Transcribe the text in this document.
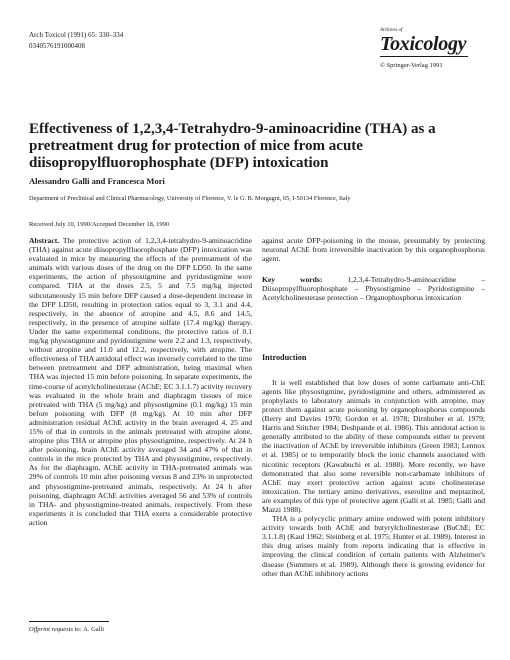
Arch Toxicol (1991) 65: 330–334
0340576191000408
Archives of
Toxicology
© Springer-Verlag 1991
Effectiveness of 1,2,3,4-Tetrahydro-9-aminoacridine (THA) as a pretreatment drug for protection of mice from acute diisopropylfluorophosphate (DFP) intoxication
Alessandro Galli and Francesca Mori
Department of Preclinical and Clinical Pharmacology, University of Florence, V. le G. B. Morgagni, 65, I-50134 Florence, Italy
Received July 10, 1990/Accepted December 18, 1990

Abstract. The protective action of 1,2,3,4-tetrahydro-9-aminoacridine (THA) against acute diisopropylfluorophosphate (DFP) intoxication was evaluated in mice by measuring the effects of the pretreatment of the animals with various doses of the drug on the DFP LD50. In the same experiments, the action of physostigmine and pyridostigmine were compared. THA at the doses 2.5, 5 and 7.5 mg/kg injected subcutaneously 15 min before DFP caused a dose-dependent increase in the DFP LD50, resulting in protection ratios equal to 3, 3.1 and 4.4, respectively, in the absence of atropine and 4.5, 8.6 and 14.5, respectively, in the presence of atropine sulfate (17.4 mg/kg) therapy. Under the same experimental conditions, the protective ratios of 0.1 mg/kg physostigmine and pyridostigmine were 2.2 and 1.3, respectively, without atropine and 11.0 and 12.2, respectively, with atropine. The effectiveness of THA antidotal effect was inversely correlated to the time between pretreatment and DFP administration, being maximal when THA was injected 15 min before poisoning. In separate experiments, the time-course of acetylcholinesterase (AChE; EC 3.1.1.7) activity recovery was evaluated in the whole brain and diaphragm tissues of mice pretreated with THA (5 mg/kg) and physostigmine (0.1 mg/kg) 15 min before poisoning with DFP (8 mg/kg). At 10 min after DFP administration residual AChE activity in the brain averaged 4, 25 and 15% of that in controls in the animals pretreated with atropine alone, atropine plus THA or atropine plus physostigmine, respectively. At 24 h after poisoning, brain AChE activity averaged 34 and 47% of that in controls in the mice protected by THA and physostigmine, respectively. As for the diaphragm, AChE activity in THA-pretreated animals was 29% of controls 10 min after poisoning versus 8 and 23% in unprotected and physostigmine-pretreated animals, respectively. At 24 h after poisoning, diaphragm AChE activities averaged 56 and 53% of controls in THA- and physostigmine-treated animals, respectively. From these experiments it is concluded that THA exerts a considerable protective action

against acute DFP-poisoning in the mouse, presumably by protecting neuronal AChE from irreversible inactivation by this organophosphorus agent.

Key words:	1,2,3,4-Tetrahydro-9-aminoacridine – Diisopropylfluorophosphate – Physostigmine – Pyridostigmine – Acetylcholinesterase protection – Organophosphorus intoxication

Introduction

It is well established that low doses of some carbamate anti-ChE agents like physostigmine, pyridostigmine and others, administered as prophylaxis to laboratory animals in conjunction with atropine, may protect them against acute poisoning by organophosphorus compounds (Berry and Davies 1970; Gordon et al. 1978; Dirnhuber et al. 1979; Harris and Stitcher 1984; Deshpande et al. 1986). This antidotal action is generally attributed to the ability of these compounds either to prevent the inactivation of AChE by irreversible inhibitors (Green 1983; Lennox et al. 1985) or to temporarily block the ionic channels associated with nicotinic receptors (Kawabuchi et al. 1988). More recently, we have demonstrated that also some reversible non-carbamate inhibitors of AChE may exert protective action against acute cholinesterase intoxication. The tertiary amino derivatives, eseroline and meptazinol, are examples of this type of protective agent (Galli et al. 1985; Galli and Mazzi 1988).

THA is a polycyclic primary amine endowed with potent inhibitory activity towards both AChE and butyrylcholinesterase (BuChE; EC 3.1.1.8) (Kaul 1962; Steinberg et al. 1975; Hunter et al. 1989). Interest in this drug arises mainly from reports indicating that is effective in improving the clinical condition of certain patients with Alzheimer's disease (Summers et al. 1989). Although there is growing evidence for other than AChE inhibitory actions

Offprint requests to: A. Galli
